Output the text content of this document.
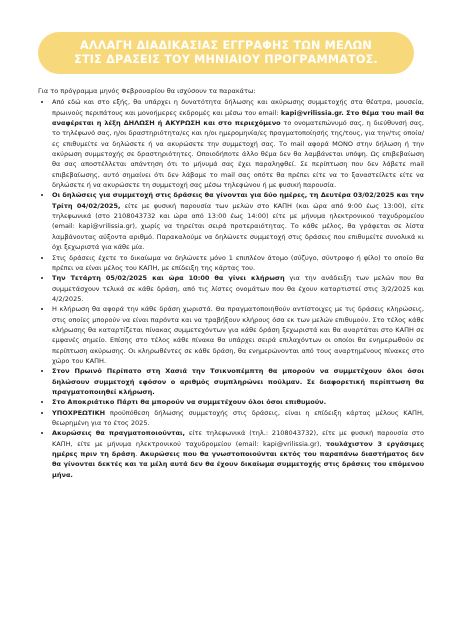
ΑΛΛΑΓΗ ΔΙΑΔΙΚΑΣΙΑΣ ΕΓΓΡΑΦΗΣ ΤΩΝ ΜΕΛΩΝ
ΣΤΙΣ ΔΡΑΣΕΙΣ ΤΟΥ ΜΗΝΙΑΙΟΥ ΠΡΟΓΡΑΜΜΑΤΟΣ.

Για το πρόγραμμα μηνός Φεβρουαρίου θα ισχύσουν τα παρακάτω:

• Από εδώ και στο εξής, θα υπάρχει η δυνατότητα δήλωσης και ακύρωσης συμμετοχής στα θέατρα, μουσεία, πρωινούς περιπάτους και μονοήμερες εκδρομές και μέσω του email: kapi@vrilissia.gr. Στο θέμα του mail θα αναφέρεται η λέξη ΔΗΛΩΣΗ ή ΑΚΥΡΩΣΗ και στο περιεχόμενο το ονοματεπώνυμό σας, η διεύθυνσή σας, το τηλέφωνό σας, η/οι δραστηριότητα/ες και η/οι ημερομηνία/ες πραγματοποίησής της/τους, για την/τις οποία/ες επιθυμείτε να δηλώσετε ή να ακυρώσετε την συμμετοχή σας. Το mail αφορά ΜΟΝΟ στην δήλωση ή την ακύρωση συμμετοχής σε δραστηριότητες. Οποιοδήποτε άλλο θέμα δεν θα λαμβάνεται υπόψη. Ως επιβεβαίωση θα σας αποστέλλεται απάντηση ότι το μήνυμά σας έχει παραληφθεί. Σε περίπτωση που δεν λάβετε mail επιβεβαίωσης, αυτό σημαίνει ότι δεν λάβαμε το mail σας οπότε θα πρέπει είτε να το ξαναστείλετε είτε να δηλώσετε ή να ακυρώσετε τη συμμετοχή σας μέσω τηλεφώνου ή με φυσική παρουσία.
• Οι δηλώσεις για συμμετοχή στις δράσεις θα γίνονται για δύο ημέρες, τη Δευτέρα 03/02/2025 και την Τρίτη 04/02/2025, είτε με φυσική παρουσία των μελών στο ΚΑΠΗ (και ώρα από 9:00 έως 13:00), είτε τηλεφωνικά (στο 2108043732 και ώρα από 13:00 έως 14:00) είτε με μήνυμα ηλεκτρονικού ταχυδρομείου (email: kapi@vrilissia.gr), χωρίς να τηρείται σειρά προτεραιότητας. Το κάθε μέλος, θα γράφεται σε λίστα λαμβάνοντας αύξοντα αριθμό. Παρακαλούμε να δηλώνετε συμμετοχή στις δράσεις που επιθυμείτε συνολικά κι όχι ξεχωριστά για κάθε μία.
• Στις δράσεις έχετε το δικαίωμα να δηλώνετε μόνο 1 επιπλέον άτομο (σύζυγο, σύντροφο ή φίλο) το οποίο θα πρέπει να είναι μέλος του ΚΑΠΗ, με επίδειξη της κάρτας του.
• Την Τετάρτη 05/02/2025 και ώρα 10:00 θα γίνει κλήρωση για την ανάδειξη των μελών που θα συμμετάσχουν τελικά σε κάθε δράση, από τις λίστες ονομάτων που θα έχουν καταρτιστεί στις 3/2/2025 και 4/2/2025.
• Η κλήρωση θα αφορά την κάθε δράση χωριστά. Θα πραγματοποιηθούν αντίστοιχες με τις δράσεις κληρώσεις, στις οποίες μπορούν να είναι παρόντα και να τραβήξουν κλήρους όσα εκ των μελών επιθυμούν. Στο τέλος κάθε κλήρωσης θα καταρτίζεται πίνακας συμμετεχόντων για κάθε δράση ξεχωριστά και θα αναρτάται στο ΚΑΠΗ σε εμφανές σημείο. Επίσης στο τέλος κάθε πίνακα θα υπάρχει σειρά επιλαχόντων οι οποίοι θα ενημερωθούν σε περίπτωση ακύρωσης. Οι κληρωθέντες σε κάθε δράση, θα ενημερώνονται από τους αναρτημένους πίνακες στο χώρο του ΚΑΠΗ.
• Στον Πρωινό Περίπατο στη Χασιά την Τσικνοπέμπτη θα μπορούν να συμμετέχουν όλοι όσοι δηλώσουν συμμετοχή εφόσον ο αριθμός συμπληρώνει πούλμαν. Σε διαφορετική περίπτωση θα πραγματοποιηθεί κλήρωση.
• Στο Αποκριάτικο Πάρτι θα μπορούν να συμμετέχουν όλοι όσοι επιθυμούν.
• ΥΠΟΧΡΕΩΤΙΚΗ προϋπόθεση δήλωσης συμμετοχής στις δράσεις, είναι η επίδειξη κάρτας μέλους ΚΑΠΗ, θεωρημένη για το έτος 2025.
• Ακυρώσεις θα πραγματοποιούνται, είτε τηλεφωνικά (τηλ.: 2108043732), είτε με φυσική παρουσία στο ΚΑΠΗ, είτε με μήνυμα ηλεκτρονικού ταχυδρομείου (email: kapi@vrilissia.gr), τουλάχιστον 3 εργάσιμες ημέρες πριν τη δράση. Ακυρώσεις που θα γνωστοποιούνται εκτός του παραπάνω διαστήματος δεν θα γίνονται δεκτές και τα μέλη αυτά δεν θα έχουν δικαίωμα συμμετοχής στις δράσεις του επόμενου μήνα.
